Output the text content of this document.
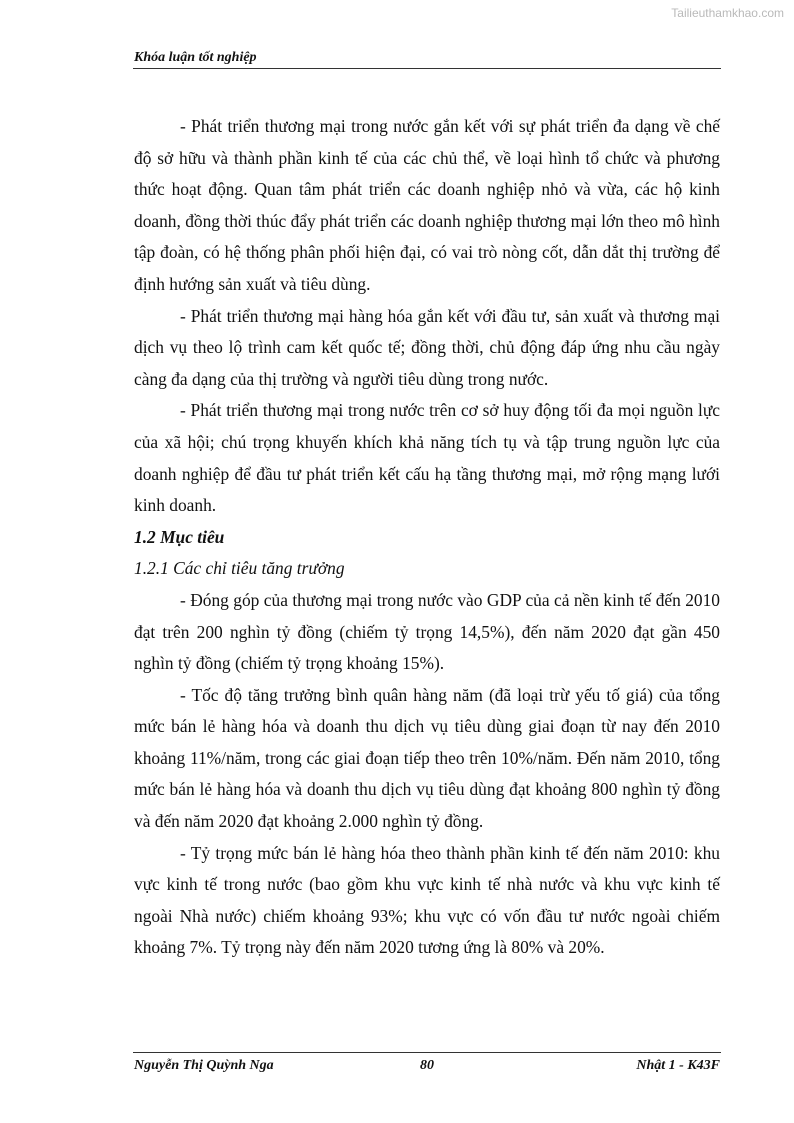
Tailieuthamkhao.com
Khóa luận tốt nghiệp

- Phát triển thương mại trong nước gắn kết với sự phát triển đa dạng về chế độ sở hữu và thành phần kinh tế của các chủ thể, về loại hình tổ chức và phương thức hoạt động. Quan tâm phát triển các doanh nghiệp nhỏ và vừa, các hộ kinh doanh, đồng thời thúc đẩy phát triển các doanh nghiệp thương mại lớn theo mô hình tập đoàn, có hệ thống phân phối hiện đại, có vai trò nòng cốt, dẫn dắt thị trường để định hướng sản xuất và tiêu dùng.

- Phát triển thương mại hàng hóa gắn kết với đầu tư, sản xuất và thương mại dịch vụ theo lộ trình cam kết quốc tế; đồng thời, chủ động đáp ứng nhu cầu ngày càng đa dạng của thị trường và người tiêu dùng trong nước.

- Phát triển thương mại trong nước trên cơ sở huy động tối đa mọi nguồn lực của xã hội; chú trọng khuyến khích khả năng tích tụ và tập trung nguồn lực của doanh nghiệp để đầu tư phát triển kết cấu hạ tầng thương mại, mở rộng mạng lưới kinh doanh.

1.2 Mục tiêu

1.2.1 Các chỉ tiêu tăng trưởng

- Đóng góp của thương mại trong nước vào GDP của cả nền kinh tế đến 2010 đạt trên 200 nghìn tỷ đồng (chiếm tỷ trọng 14,5%), đến năm 2020 đạt gần 450 nghìn tỷ đồng (chiếm tỷ trọng khoảng 15%).

- Tốc độ tăng trưởng bình quân hàng năm (đã loại trừ yếu tố giá) của tổng mức bán lẻ hàng hóa và doanh thu dịch vụ tiêu dùng giai đoạn từ nay đến 2010 khoảng 11%/năm, trong các giai đoạn tiếp theo trên 10%/năm. Đến năm 2010, tổng mức bán lẻ hàng hóa và doanh thu dịch vụ tiêu dùng đạt khoảng 800 nghìn tỷ đồng và đến năm 2020 đạt khoảng 2.000 nghìn tỷ đồng.

- Tỷ trọng mức bán lẻ hàng hóa theo thành phần kinh tế đến năm 2010: khu vực kinh tế trong nước (bao gồm khu vực kinh tế nhà nước và khu vực kinh tế ngoài Nhà nước) chiếm khoảng 93%; khu vực có vốn đầu tư nước ngoài chiếm khoảng 7%. Tỷ trọng này đến năm 2020 tương ứng là 80% và 20%.

Nguyễn Thị Quỳnh Nga	80	Nhật 1 - K43F
